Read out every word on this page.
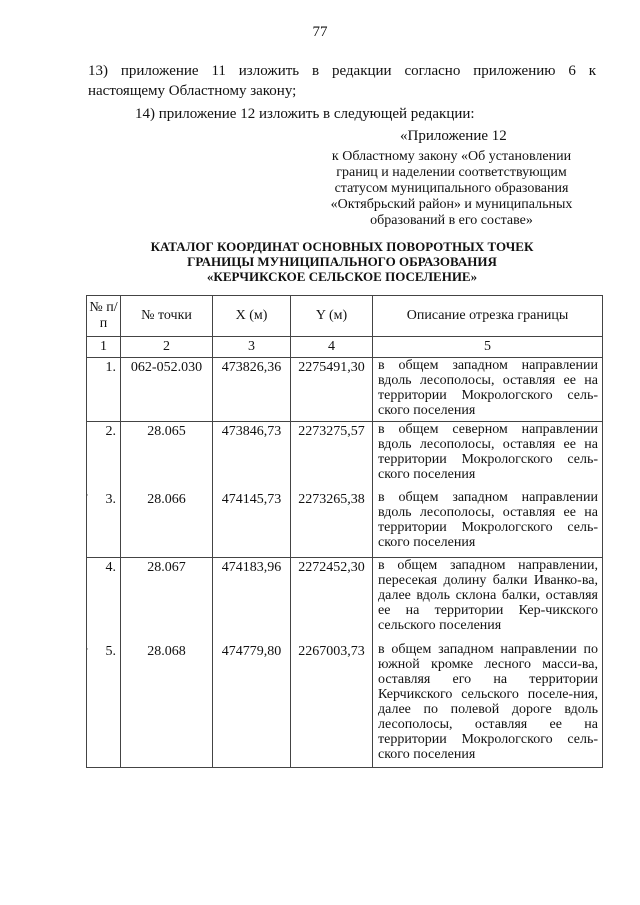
77
13) приложение 11 изложить в редакции согласно приложению 6 к
настоящему Областному закону;
14) приложение 12 изложить в следующей редакции:
«Приложение 12
к Областному закону «Об установлении
границ и наделении соответствующим
статусом муниципального образования
«Октябрьский район» и муниципальных
образований в его составе»
КАТАЛОГ КООРДИНАТ ОСНОВНЫХ ПОВОРОТНЫХ ТОЧЕК
ГРАНИЦЫ МУНИЦИПАЛЬНОГО ОБРАЗОВАНИЯ
«КЕРЧИКСКОЕ СЕЛЬСКОЕ ПОСЕЛЕНИЕ»
№ п/п	№ точки	X (м)	Y (м)	Описание отрезка границы
1	2	3	4	5
1.	062-052.030	473826,36	2275491,30	в общем западном направлении вдоль лесополосы, оставляя ее на территории Мокрологского сель-ского поселения
2.	28.065	473846,73	2273275,57	в общем северном направлении вдоль лесополосы, оставляя ее на территории Мокрологского сель-ского поселения
3.	28.066	474145,73	2273265,38	в общем западном направлении вдоль лесополосы, оставляя ее на территории Мокрологского сель-ского поселения
4.	28.067	474183,96	2272452,30	в общем западном направлении, пересекая долину балки Иванко-ва, далее вдоль склона балки, оставляя ее на территории Кер-чикского сельского поселения
5.	28.068	474779,80	2267003,73	в общем западном направлении по южной кромке лесного масси-ва, оставляя его на территории Керчикского сельского поселе-ния, далее по полевой дороге вдоль лесополосы, оставляя ее на территории Мокрологского сель-ского поселения
·
·
